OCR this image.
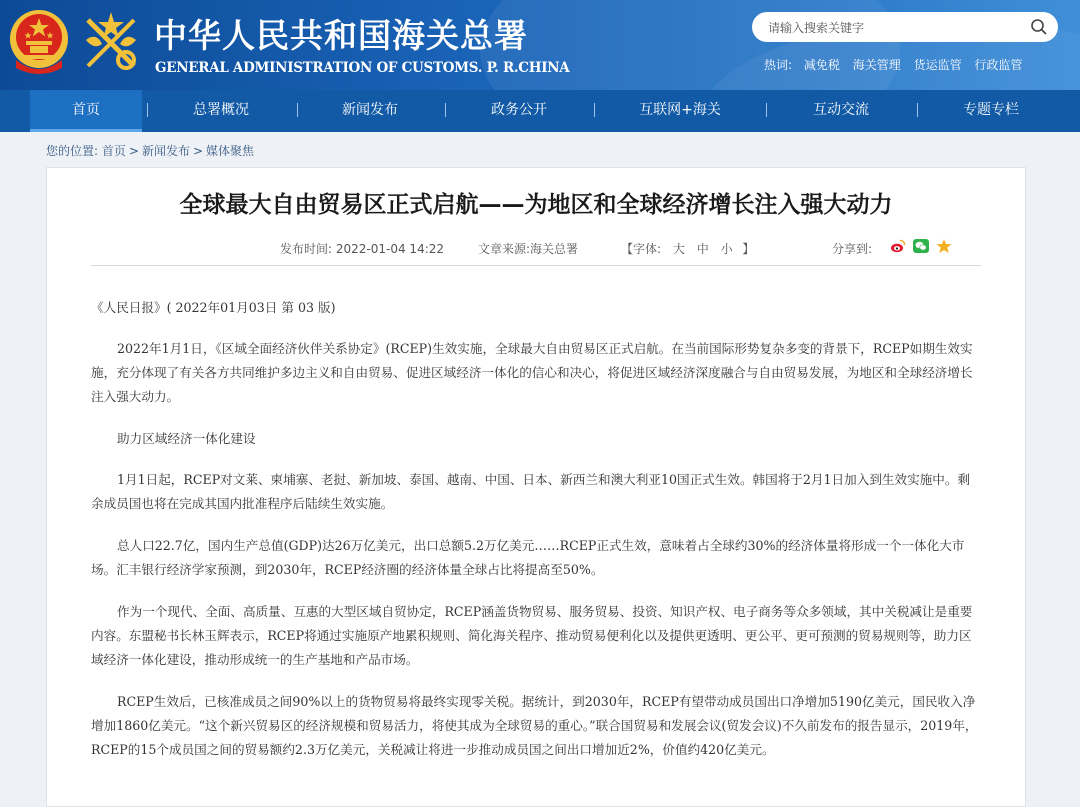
中华人民共和国海关总署
GENERAL ADMINISTRATION OF CUSTOMS. P. R.CHINA
请输入搜索关键字	热词: 减免税 海关管理 货运监管 行政监管
首页	总署概况	新闻发布	政务公开	互联网+海关	互动交流	专题专栏
您的位置: 首页 > 新闻发布 > 媒体聚焦
全球最大自由贸易区正式启航——为地区和全球经济增长注入强大动力
发布时间: 2022-01-04 14:22	文章来源:海关总署	【字体: 大 中 小 】	分享到:

《人民日报》( 2022年01月03日 第 03 版)

2022年1月1日，《区域全面经济伙伴关系协定》(RCEP)生效实施，全球最大自由贸易区正式启航。在当前国际形势复杂多变的背景下，RCEP如期生效实施，充分体现了有关各方共同维护多边主义和自由贸易、促进区域经济一体化的信心和决心，将促进区域经济深度融合与自由贸易发展，为地区和全球经济增长注入强大动力。

助力区域经济一体化建设

1月1日起，RCEP对文莱、柬埔寨、老挝、新加坡、泰国、越南、中国、日本、新西兰和澳大利亚10国正式生效。韩国将于2月1日加入到生效实施中。剩余成员国也将在完成其国内批准程序后陆续生效实施。

总人口22.7亿，国内生产总值(GDP)达26万亿美元，出口总额5.2万亿美元……RCEP正式生效，意味着占全球约30%的经济体量将形成一个一体化大市场。汇丰银行经济学家预测，到2030年，RCEP经济圈的经济体量全球占比将提高至50%。

作为一个现代、全面、高质量、互惠的大型区域自贸协定，RCEP涵盖货物贸易、服务贸易、投资、知识产权、电子商务等众多领域，其中关税减让是重要内容。东盟秘书长林玉辉表示，RCEP将通过实施原产地累积规则、简化海关程序、推动贸易便利化以及提供更透明、更公平、更可预测的贸易规则等，助力区域经济一体化建设，推动形成统一的生产基地和产品市场。

RCEP生效后，已核准成员之间90%以上的货物贸易将最终实现零关税。据统计，到2030年，RCEP有望带动成员国出口净增加5190亿美元，国民收入净增加1860亿美元。“这个新兴贸易区的经济规模和贸易活力，将使其成为全球贸易的重心。”联合国贸易和发展会议(贸发会议)不久前发布的报告显示，2019年，RCEP的15个成员国之间的贸易额约2.3万亿美元，关税减让将进一步推动成员国之间出口增加近2%，价值约420亿美元。
